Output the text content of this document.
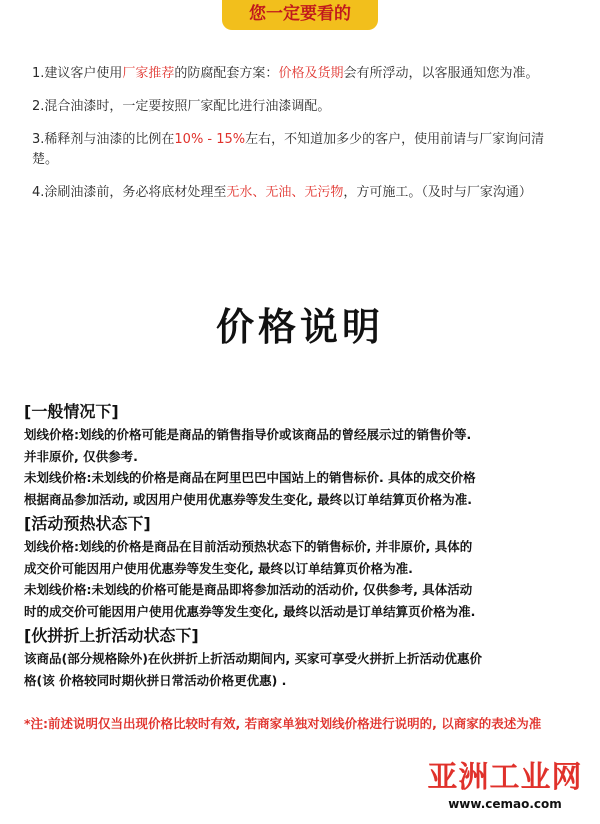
您一定要看的

1.建议客户使用厂家推荐的防腐配套方案：价格及货期会有所浮动，以客服通知您为准。

2.混合油漆时，一定要按照厂家配比进行油漆调配。

3.稀释剂与油漆的比例在10% - 15%左右，不知道加多少的客户，使用前请与厂家询问清楚。

4.涂刷油漆前，务必将底材处理至无水、无油、无污物，方可施工。（及时与厂家沟通）

价格说明
[一般情况下]
划线价格:划线的价格可能是商品的销售指导价或该商品的曾经展示过的销售价等.
并非原价, 仅供参考.
未划线价格:未划线的价格是商品在阿里巴巴中国站上的销售标价. 具体的成交价格
根据商品参加活动, 或因用户使用优惠券等发生变化, 最终以订单结算页价格为准.
[活动预热状态下]
划线价格:划线的价格是商品在目前活动预热状态下的销售标价, 并非原价, 具体的
成交价可能因用户使用优惠券等发生变化, 最终以订单结算页价格为准.
未划线价格:未划线的价格可能是商品即将参加活动的活动价, 仅供参考, 具体活动
时的成交价可能因用户使用优惠券等发生变化, 最终以活动是订单结算页价格为准.
[伙拼折上折活动状态下]
该商品(部分规格除外)在伙拼折上折活动期间内, 买家可享受火拼折上折活动优惠价
格(该 价格较同时期伙拼日常活动价格更优惠) .
*注:前述说明仅当出现价格比较时有效, 若商家单独对划线价格进行说明的, 以商家的表述为准
亚洲工业网
www.cemao.com
